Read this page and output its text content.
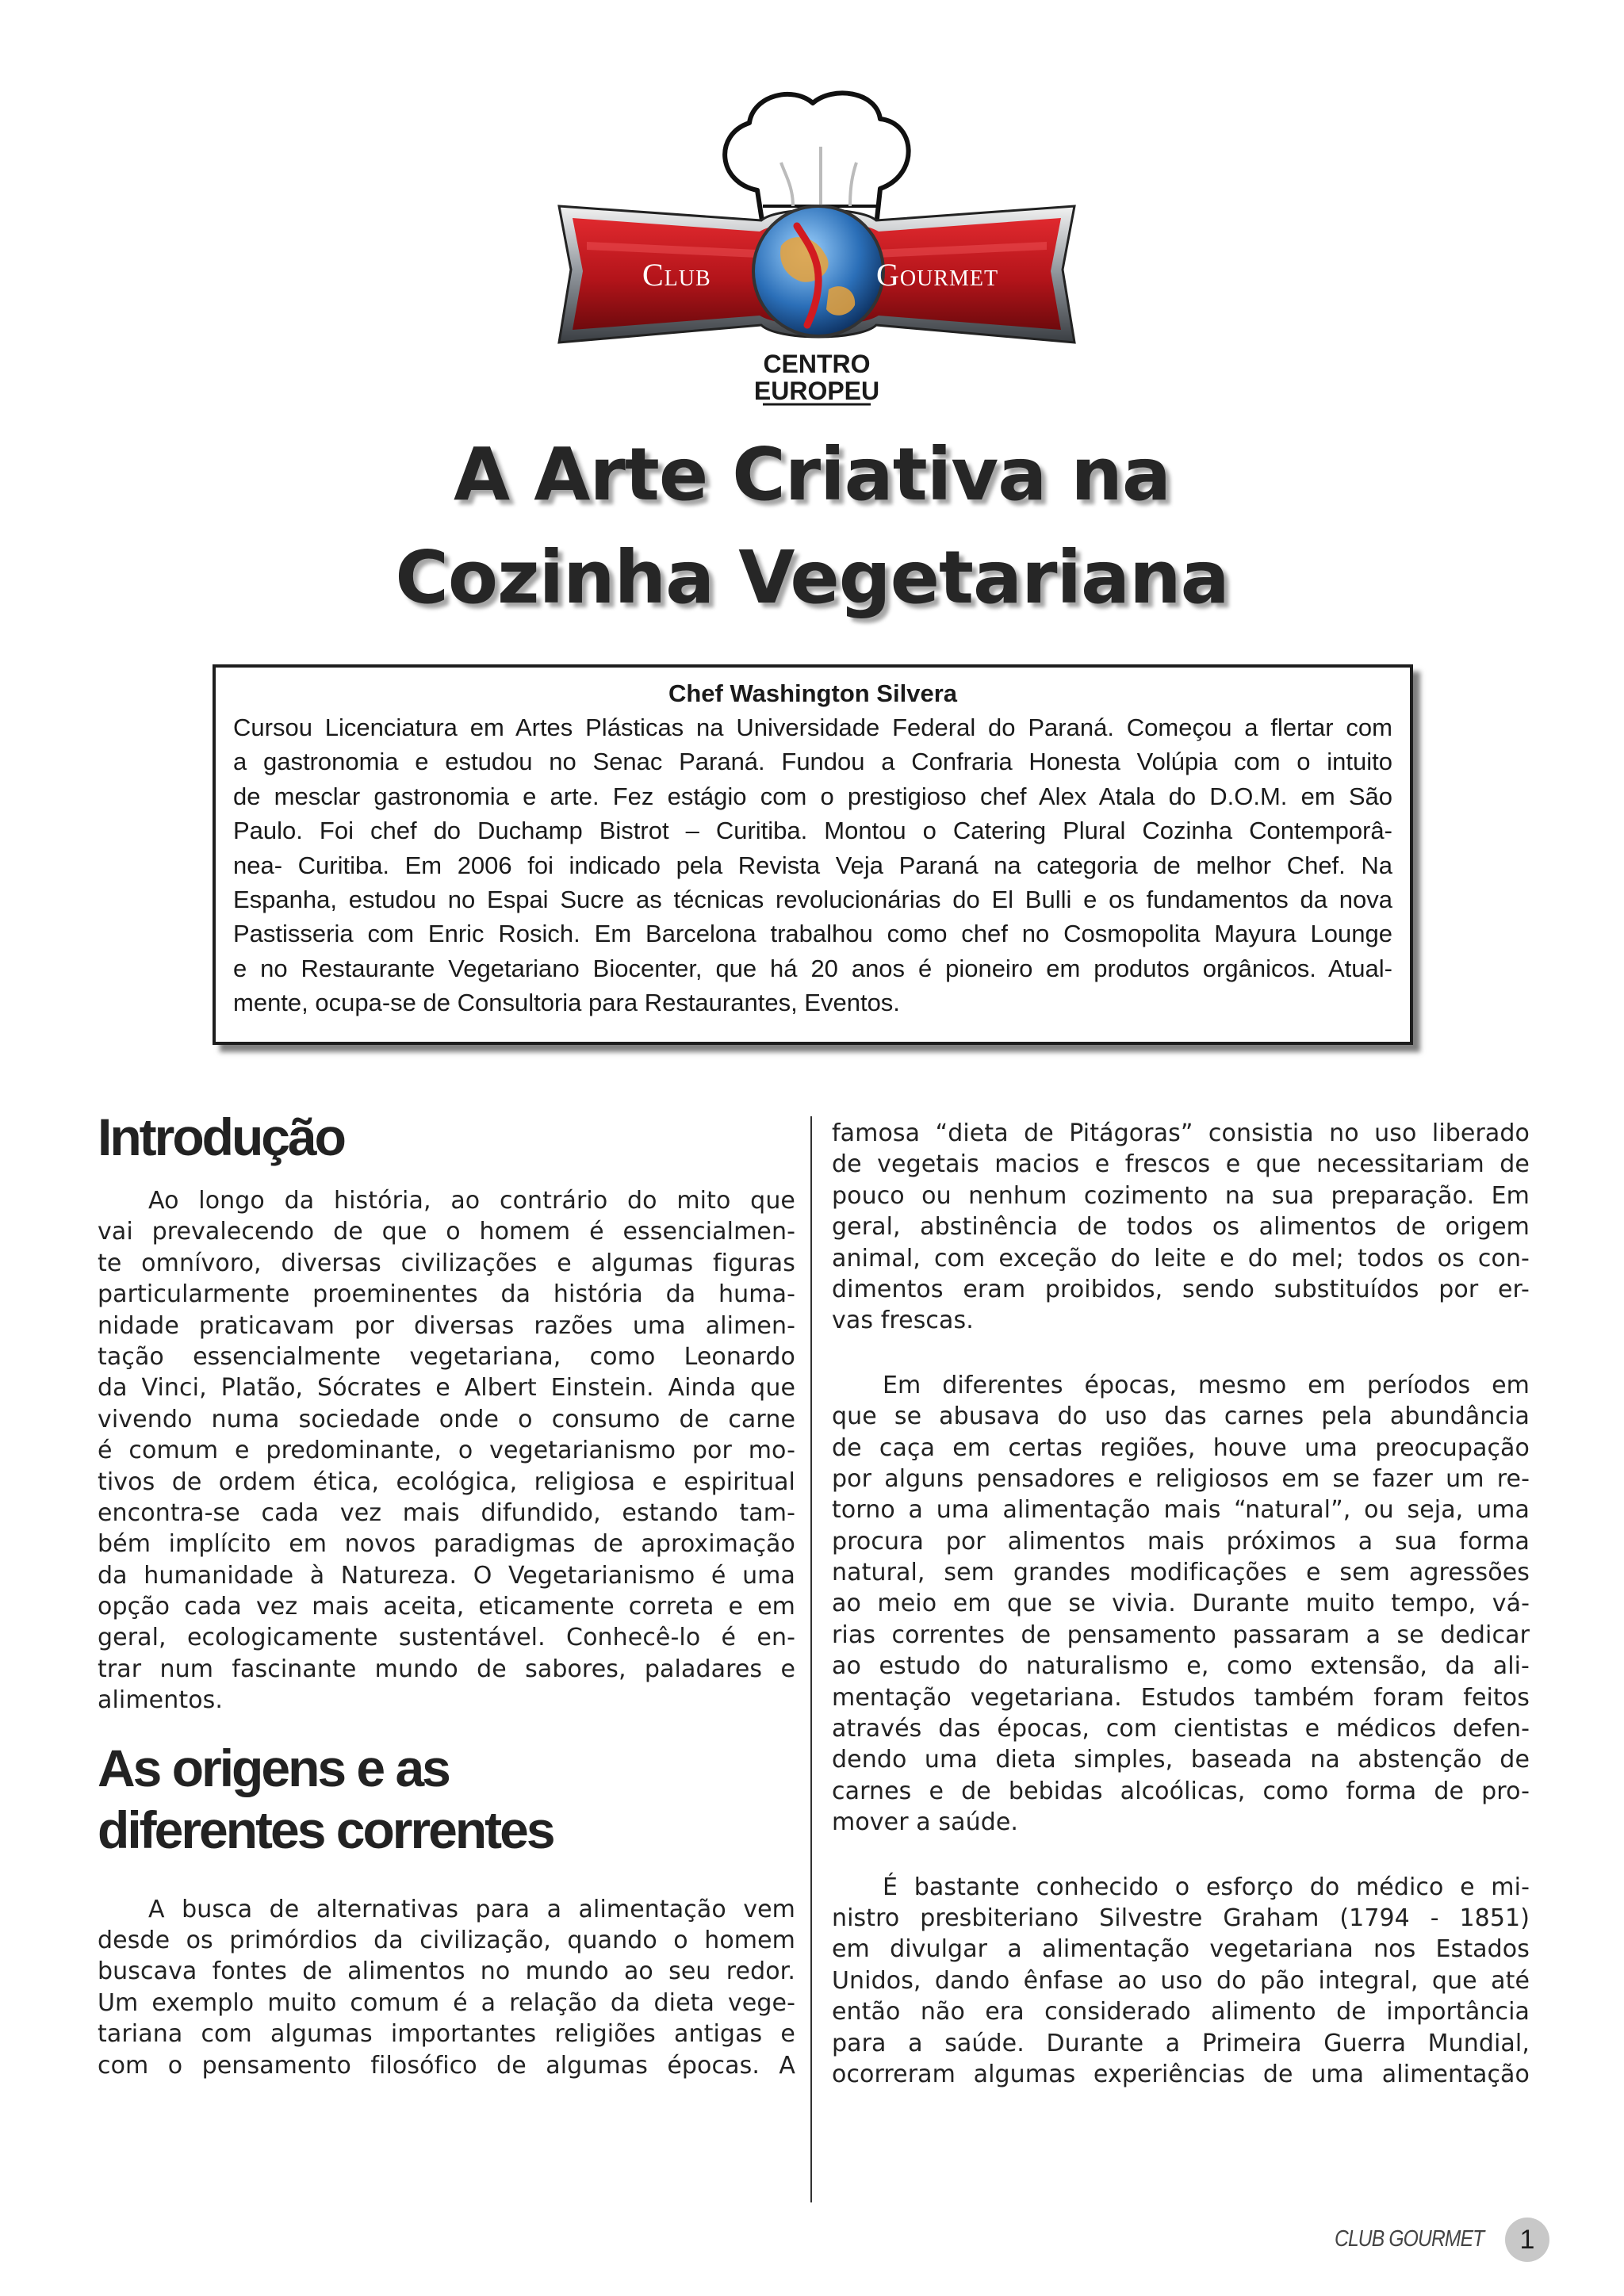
Club	Gourmet
CENTRO
EUROPEU
A Arte Criativa na
Cozinha Vegetariana
Chef Washington Silvera
Cursou Licenciatura em Artes Plásticas na Universidade Federal do Paraná. Começou a flertar com
a gastronomia e estudou no Senac Paraná. Fundou a Confraria Honesta Volúpia com o intuito
de mesclar gastronomia e arte. Fez estágio com o prestigioso chef Alex Atala do D.O.M. em São
Paulo. Foi chef do Duchamp Bistrot – Curitiba. Montou o Catering Plural Cozinha Contemporâ-
nea- Curitiba. Em 2006 foi indicado pela Revista Veja Paraná na categoria de melhor Chef. Na
Espanha, estudou no Espai Sucre as técnicas revolucionárias do El Bulli e os fundamentos da nova
Pastisseria com Enric Rosich. Em Barcelona trabalhou como chef no Cosmopolita Mayura Lounge
e no Restaurante Vegetariano Biocenter, que há 20 anos é pioneiro em produtos orgânicos. Atual-
mente, ocupa-se de Consultoria para Restaurantes, Eventos.
Introdução
Ao longo da história, ao contrário do mito que
vai prevalecendo de que o homem é essencialmen-
te omnívoro, diversas civilizações e algumas figuras
particularmente proeminentes da história da huma-
nidade praticavam por diversas razões uma alimen-
tação essencialmente vegetariana, como Leonardo
da Vinci, Platão, Sócrates e Albert Einstein. Ainda que
vivendo numa sociedade onde o consumo de carne
é comum e predominante, o vegetarianismo por mo-
tivos de ordem ética, ecológica, religiosa e espiritual
encontra-se cada vez mais difundido, estando tam-
bém implícito em novos paradigmas de aproximação
da humanidade à Natureza. O Vegetarianismo é uma
opção cada vez mais aceita, eticamente correta e em
geral, ecologicamente sustentável. Conhecê-lo é en-
trar num fascinante mundo de sabores, paladares e
alimentos.
As origens e as
diferentes correntes
A busca de alternativas para a alimentação vem
desde os primórdios da civilização, quando o homem
buscava fontes de alimentos no mundo ao seu redor.
Um exemplo muito comum é a relação da dieta vege-
tariana com algumas importantes religiões antigas e
com o pensamento filosófico de algumas épocas. A
famosa “dieta de Pitágoras” consistia no uso liberado
de vegetais macios e frescos e que necessitariam de
pouco ou nenhum cozimento na sua preparação. Em
geral, abstinência de todos os alimentos de origem
animal, com exceção do leite e do mel; todos os con-
dimentos eram proibidos, sendo substituídos por er-
vas frescas.
Em diferentes épocas, mesmo em períodos em
que se abusava do uso das carnes pela abundância
de caça em certas regiões, houve uma preocupação
por alguns pensadores e religiosos em se fazer um re-
torno a uma alimentação mais “natural”, ou seja, uma
procura por alimentos mais próximos a sua forma
natural, sem grandes modificações e sem agressões
ao meio em que se vivia. Durante muito tempo, vá-
rias correntes de pensamento passaram a se dedicar
ao estudo do naturalismo e, como extensão, da ali-
mentação vegetariana. Estudos também foram feitos
através das épocas, com cientistas e médicos defen-
dendo uma dieta simples, baseada na abstenção de
carnes e de bebidas alcoólicas, como forma de pro-
mover a saúde.
É bastante conhecido o esforço do médico e mi-
nistro presbiteriano Silvestre Graham (1794 - 1851)
em divulgar a alimentação vegetariana nos Estados
Unidos, dando ênfase ao uso do pão integral, que até
então não era considerado alimento de importância
para a saúde. Durante a Primeira Guerra Mundial,
ocorreram algumas experiências de uma alimentação
CLUB GOURMET	1
